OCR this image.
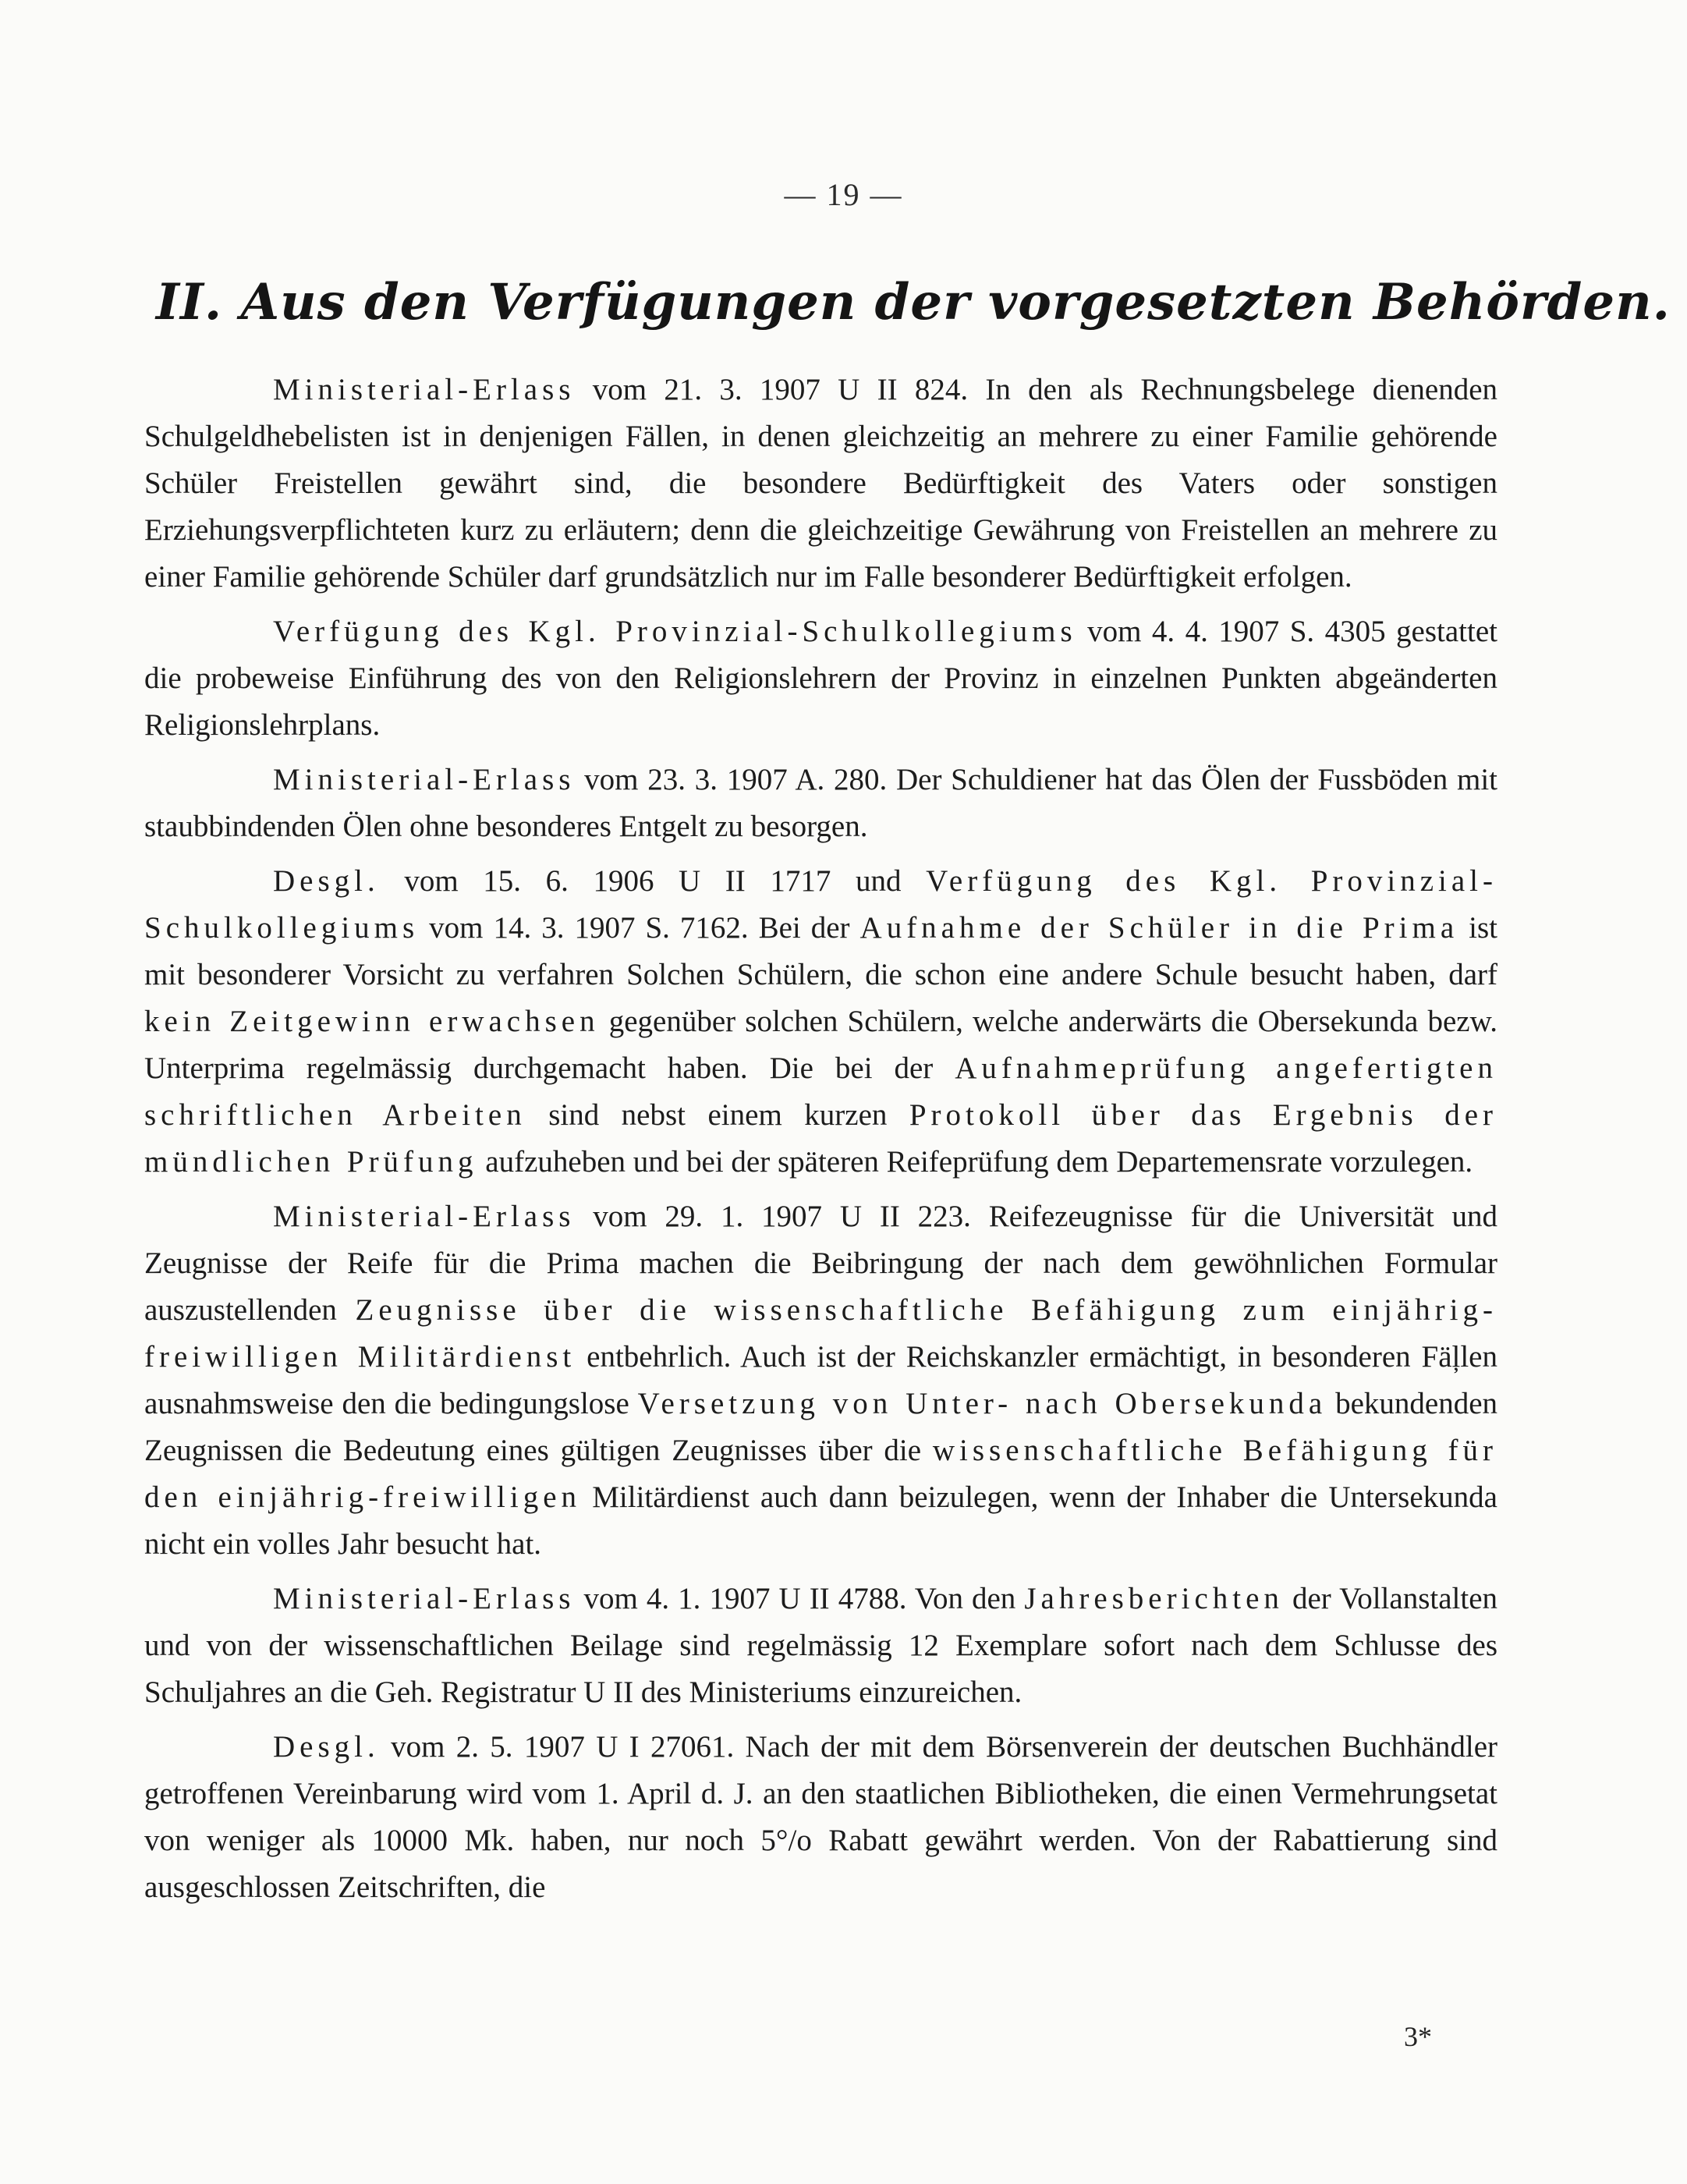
— 19 —
II. Aus den Verfügungen der vorgesetzten Behörden.

Ministerial-Erlass vom 21. 3. 1907 U II 824. In den als Rechnungsbelege dienenden Schulgeldhebelisten ist in denjenigen Fällen, in denen gleichzeitig an mehrere zu einer Familie gehörende Schüler Freistellen gewährt sind, die besondere Bedürftigkeit des Vaters oder sonstigen Erziehungsverpflichteten kurz zu erläutern; denn die gleichzeitige Gewährung von Freistellen an mehrere zu einer Familie gehörende Schüler darf grundsätzlich nur im Falle besonderer Bedürftigkeit erfolgen.

Verfügung des Kgl. Provinzial-Schulkollegiums vom 4. 4. 1907 S. 4305 gestattet die probeweise Einführung des von den Religionslehrern der Provinz in einzelnen Punkten abgeänderten Religionslehrplans.

Ministerial-Erlass vom 23. 3. 1907 A. 280. Der Schuldiener hat das Ölen der Fussböden mit staubbindenden Ölen ohne besonderes Entgelt zu besorgen.

Desgl. vom 15. 6. 1906 U II 1717 und Verfügung des Kgl. Provinzial-Schulkollegiums vom 14. 3. 1907 S. 7162. Bei der Aufnahme der Schüler in die Prima ist mit besonderer Vorsicht zu verfahren Solchen Schülern, die schon eine andere Schule besucht haben, darf kein Zeitgewinn erwachsen gegenüber solchen Schülern, welche anderwärts die Obersekunda bezw. Unterprima regelmässig durchgemacht haben. Die bei der Aufnahmeprüfung angefertigten schriftlichen Arbeiten sind nebst einem kurzen Protokoll über das Ergebnis der mündlichen Prüfung aufzuheben und bei der späteren Reifeprüfung dem Departemensrate vorzulegen.

Ministerial-Erlass vom 29. 1. 1907 U II 223. Reifezeugnisse für die Universität und Zeugnisse der Reife für die Prima machen die Beibringung der nach dem gewöhnlichen Formular auszustellenden Zeugnisse über die wissenschaftliche Befähigung zum einjährig-freiwilligen Militärdienst entbehrlich. Auch ist der Reichskanzler ermächtigt, in besonderen Fäļlen ausnahmsweise den die bedingungslose Versetzung von Unter- nach Obersekunda bekundenden Zeugnissen die Bedeutung eines gültigen Zeugnisses über die wissenschaftliche Befähigung für den einjährig-freiwilligen Militärdienst auch dann beizulegen, wenn der Inhaber die Untersekunda nicht ein volles Jahr besucht hat.

Ministerial-Erlass vom 4. 1. 1907 U II 4788. Von den Jahresberichten der Vollanstalten und von der wissenschaftlichen Beilage sind regelmässig 12 Exemplare sofort nach dem Schlusse des Schuljahres an die Geh. Registratur U II des Ministeriums einzureichen.

Desgl. vom 2. 5. 1907 U I 27061. Nach der mit dem Börsenverein der deutschen Buchhändler getroffenen Vereinbarung wird vom 1. April d. J. an den staatlichen Bibliotheken, die einen Vermehrungsetat von weniger als 10000 Mk. haben, nur noch 5°/o Rabatt gewährt werden. Von der Rabattierung sind ausgeschlossen Zeitschriften, die

3*
